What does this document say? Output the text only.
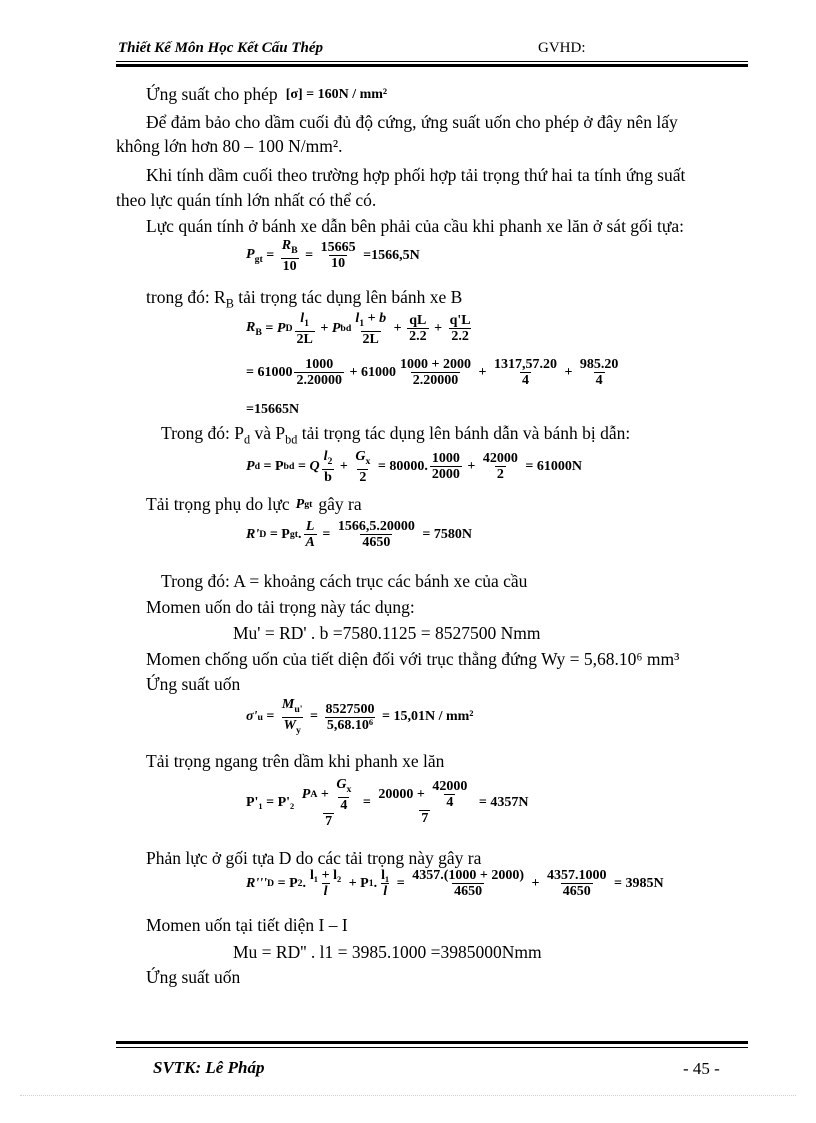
Thiết Kế Môn Học Kết Cấu Thép	GVHD:
Ứng suất cho phép [σ] = 160N / mm²
Để đảm bảo cho dầm cuối đủ độ cứng, ứng suất uốn cho phép ở đây nên lấy
không lớn hơn 80 – 100 N/mm².
Khi tính dầm cuối theo trường hợp phối hợp tải trọng thứ hai ta tính ứng suất
theo lực quán tính lớn nhất có thể có.
Lực quán tính ở bánh xe dẫn bên phải của cầu khi phanh xe lăn ở sát gối tựa:
$P_{gt} = \frac{R_B}{10} = \frac{15665}{10}$
=1566,5N
trong đó: $R_B$ tải trọng tác dụng lên bánh xe B
$R_B = P$ D $\frac{l_1}{2L} + P$ bd $\frac{l_1 + b}{2L} + \frac{qL}{2.2} + \frac{q'L}{2.2}$
= $61000 \frac{1000}{2.20000}$
+ $61000 \frac{1000 + 2000}{2.20000} + \frac{1317,57.20}{4} + \frac{985.20}{4}$
=15665N
Trong đó: $P_d$ và $P_{bd}$ tải trọng tác dụng lên bánh dẫn và bánh bị dẫn:
P d
= P bd = Q $\frac{l_2}{b} + \frac{G_x}{2}$
= 80000. $\frac{1000}{2000} + \frac{42000}{2}$
= 61000N
Tải trọng phụ do lực P gt gây ra
R' D
= P gt . $\frac{L}{A} = \frac{1566,5.20000}{4650}$
= 7580N
Trong đó: A = khoảng cách trục các bánh xe của cầu
Momen uốn do tải trọng này tác dụng:
Mu' = RD' . b =7580.1125 = 8527500 Nmm
Momen chống uốn của tiết diện đối với trục thẳng đứng Wy = 5,68.10⁶ mm³
Ứng suất uốn
σ' $u = \frac{M_{u'}}{W_y} = \frac{8527500}{\text{5,68.10⁶}}$
= 15,01N / mm²
Tải trọng ngang trên dầm khi phanh xe lăn
P'₁ = P'₂
$\frac{P A + \frac{G_x}{4}}{7} = 20000$ +
$\frac{42000}{4}$
7
= 4357N
Phản lực ở gối tựa D do các tải trọng này gây ra
R''' D
= P 2 . $\frac{\text{l₁ + l₂}}{l}$
+ P 1 . $\frac{\text{l₁}}{l} = \frac{4357.(1000 + 2000)}{4650} + \frac{4357.1000}{4650}$
= 3985N
Momen uốn tại tiết diện I – I
Mu = RD'' . l1 = 3985.1000 =3985000Nmm
Ứng suất uốn
SVTK: Lê Pháp	- 45 -
